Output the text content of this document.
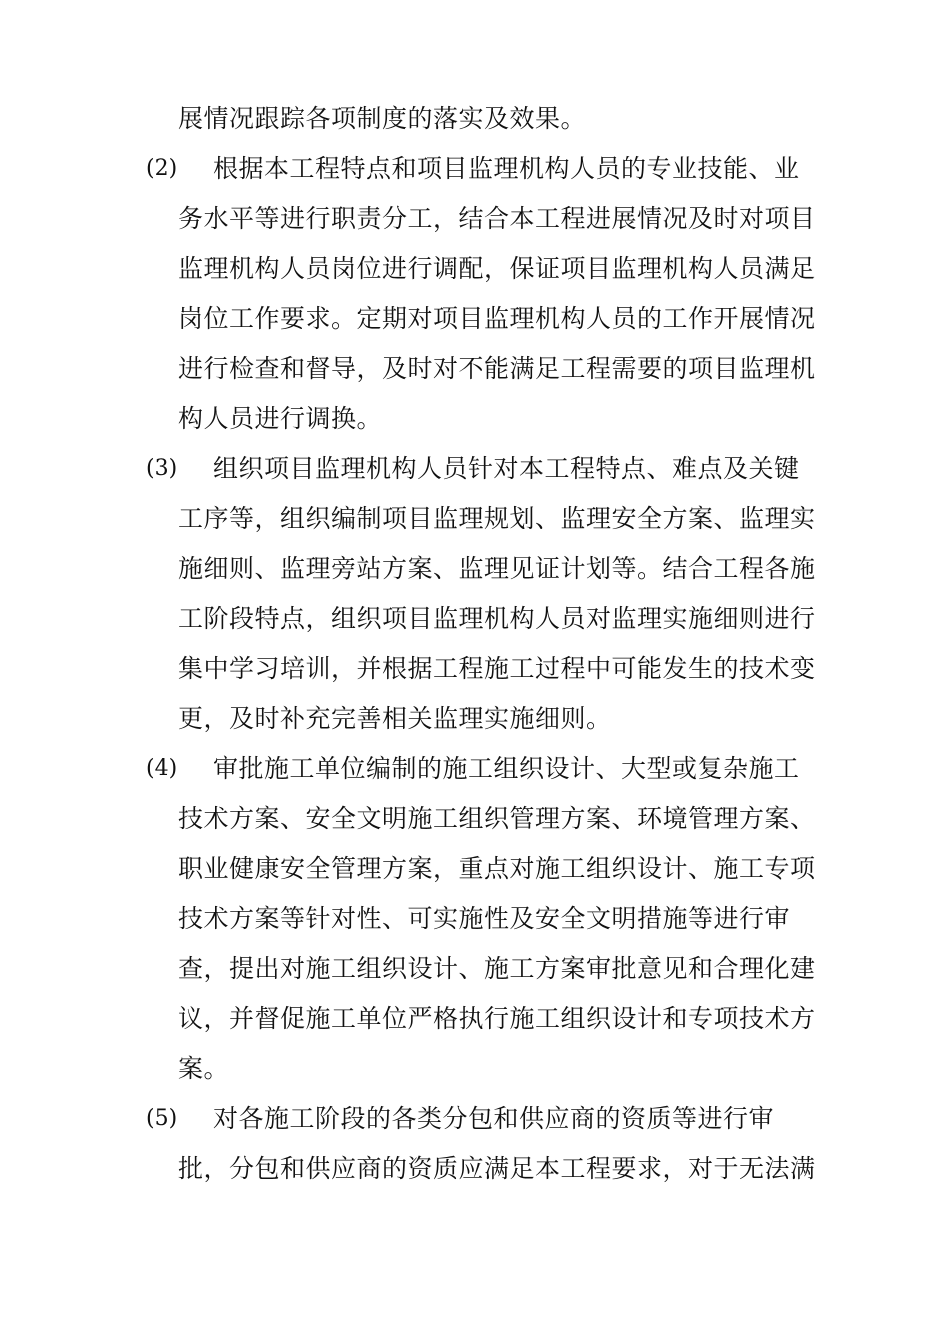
展情况跟踪各项制度的落实及效果。
(2) 根据本工程特点和项目监理机构人员的专业技能、业
务水平等进行职责分工，结合本工程进展情况及时对项目
监理机构人员岗位进行调配，保证项目监理机构人员满足
岗位工作要求。定期对项目监理机构人员的工作开展情况
进行检查和督导，及时对不能满足工程需要的项目监理机
构人员进行调换。
(3) 组织项目监理机构人员针对本工程特点、难点及关键
工序等，组织编制项目监理规划、监理安全方案、监理实
施细则、监理旁站方案、监理见证计划等。结合工程各施
工阶段特点，组织项目监理机构人员对监理实施细则进行
集中学习培训，并根据工程施工过程中可能发生的技术变
更，及时补充完善相关监理实施细则。
(4) 审批施工单位编制的施工组织设计、大型或复杂施工
技术方案、安全文明施工组织管理方案、环境管理方案、
职业健康安全管理方案，重点对施工组织设计、施工专项
技术方案等针对性、可实施性及安全文明措施等进行审
查，提出对施工组织设计、施工方案审批意见和合理化建
议，并督促施工单位严格执行施工组织设计和专项技术方
案。
(5) 对各施工阶段的各类分包和供应商的资质等进行审
批，分包和供应商的资质应满足本工程要求，对于无法满
